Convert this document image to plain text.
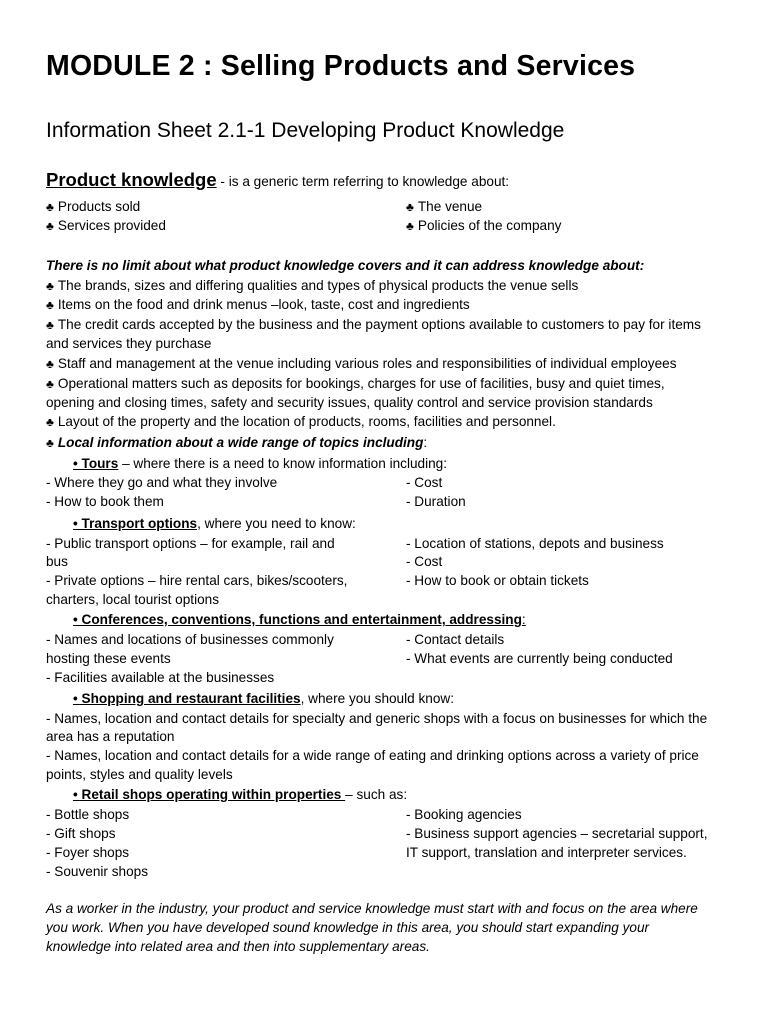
MODULE 2 : Selling Products and Services
Information Sheet 2.1-1 Developing Product Knowledge
Product knowledge - is a generic term referring to knowledge about:
♣ Products sold	♣ The venue
♣ Services provided	♣ Policies of the company
There is no limit about what product knowledge covers and it can address knowledge about:
♣ The brands, sizes and differing qualities and types of physical products the venue sells
♣ Items on the food and drink menus –look, taste, cost and ingredients
♣ The credit cards accepted by the business and the payment options available to customers to pay for items
and services they purchase
♣ Staff and management at the venue including various roles and responsibilities of individual employees
♣ Operational matters such as deposits for bookings, charges for use of facilities, busy and quiet times,
opening and closing times, safety and security issues, quality control and service provision standards
♣ Layout of the property and the location of products, rooms, facilities and personnel.
♣ Local information about a wide range of topics including:
• Tours – where there is a need to know information including:
- Where they go and what they involve	- Cost
- How to book them	- Duration
• Transport options, where you need to know:
- Public transport options – for example, rail and	- Location of stations, depots and business
bus	- Cost
- Private options – hire rental cars, bikes/scooters,	- How to book or obtain tickets
charters, local tourist options
• Conferences, conventions, functions and entertainment, addressing:
- Names and locations of businesses commonly	- Contact details
hosting these events	- What events are currently being conducted
- Facilities available at the businesses
• Shopping and restaurant facilities, where you should know:
- Names, location and contact details for specialty and generic shops with a focus on businesses for which the
area has a reputation
- Names, location and contact details for a wide range of eating and drinking options across a variety of price
points, styles and quality levels
• Retail shops operating within properties – such as:
- Bottle shops	- Booking agencies
- Gift shops	- Business support agencies – secretarial support,
- Foyer shops	IT support, translation and interpreter services.
- Souvenir shops
As a worker in the industry, your product and service knowledge must start with and focus on the area where
you work. When you have developed sound knowledge in this area, you should start expanding your
knowledge into related area and then into supplementary areas.
